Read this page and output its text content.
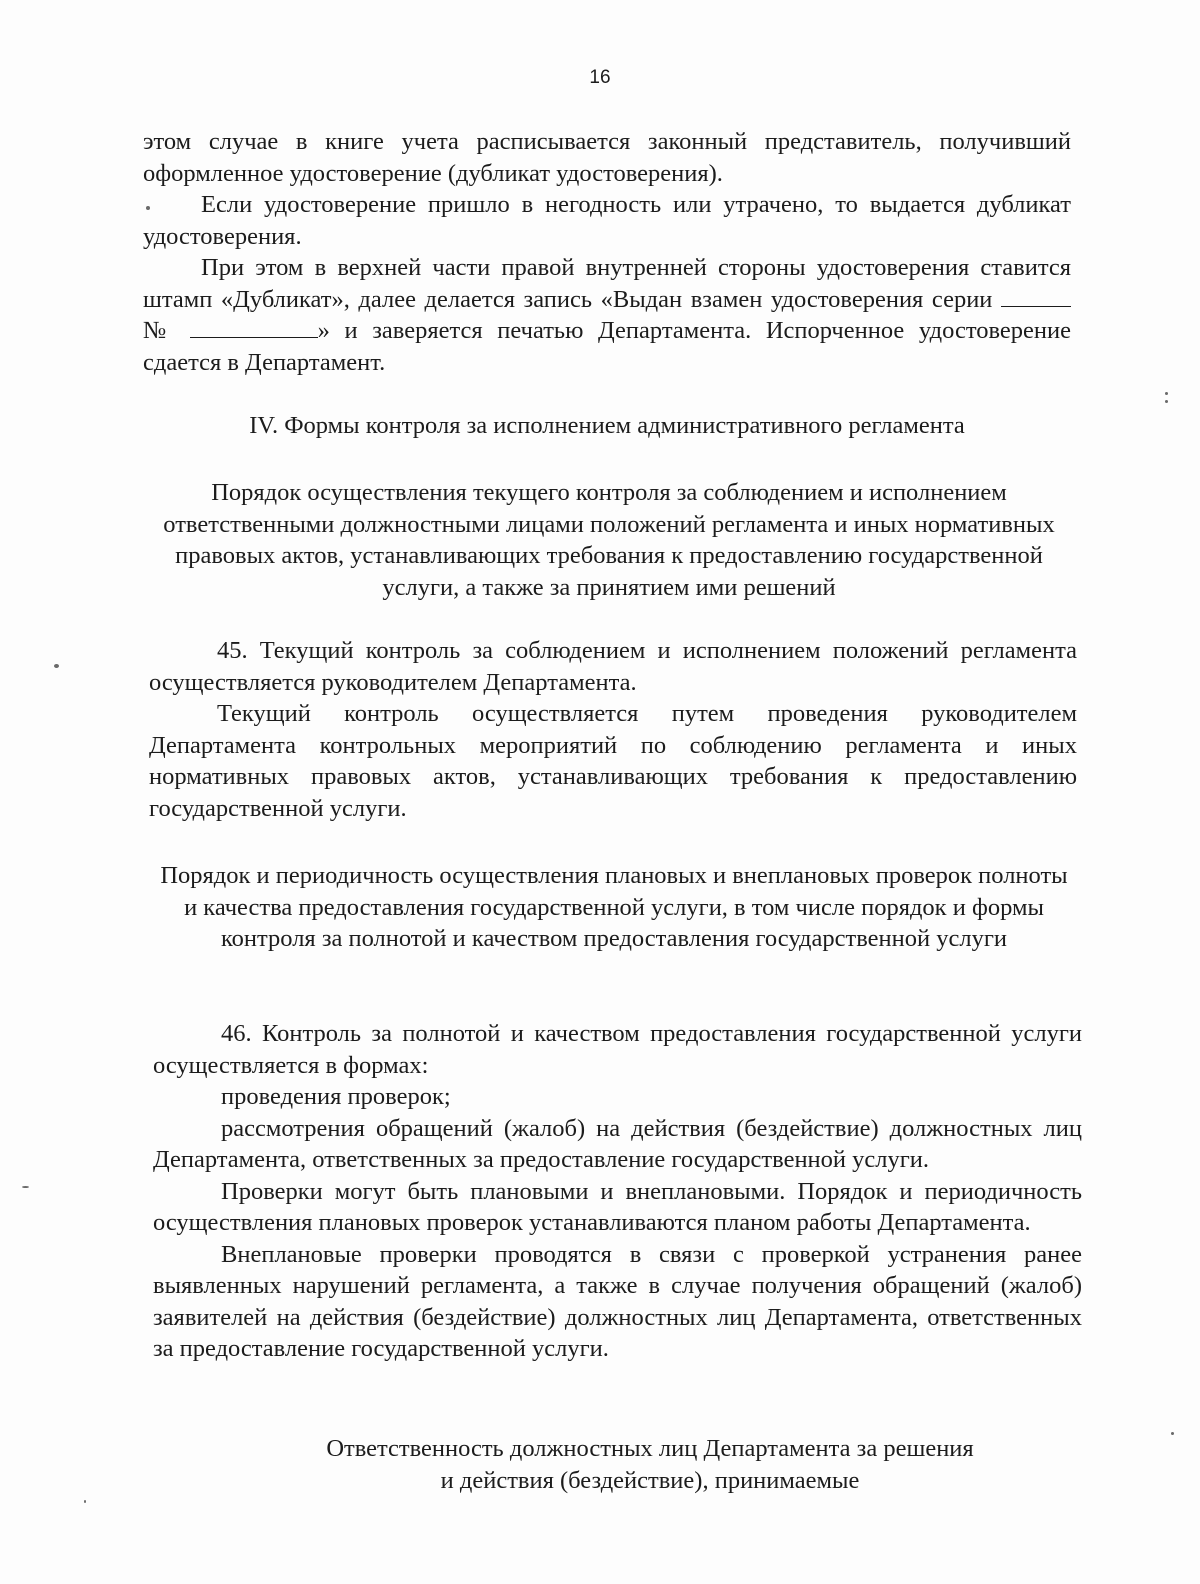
16

этом случае в книге учета расписывается законный представитель, получивший оформленное удостоверение (дубликат удостоверения).

Если удостоверение пришло в негодность или утрачено, то выдается дубликат удостоверения.

При этом в верхней части правой внутренней стороны удостоверения ставится штамп «Дубликат», далее делается запись «Выдан взамен удостоверения серии  №	» и заверяется печатью Департамента. Испорченное удостоверение сдается в Департамент.

IV. Формы контроля за исполнением административного регламента

Порядок осуществления текущего контроля за соблюдением и исполнением ответственными должностными лицами положений регламента и иных нормативных правовых актов, устанавливающих требования к предоставлению государственной услуги, а также за принятием ими решений

45. Текущий контроль за соблюдением и исполнением положений регламента осуществляется руководителем Департамента.

Текущий контроль осуществляется путем проведения руководителем Департамента контрольных мероприятий по соблюдению регламента и иных нормативных правовых актов, устанавливающих требования к предоставлению государственной услуги.

Порядок и периодичность осуществления плановых и внеплановых проверок полноты и качества предоставления государственной услуги, в том числе порядок и формы контроля за полнотой и качеством предоставления государственной услуги

46. Контроль за полнотой и качеством предоставления государственной услуги осуществляется в формах:

проведения проверок;

рассмотрения обращений (жалоб) на действия (бездействие) должностных лиц Департамента, ответственных за предоставление государственной услуги.

Проверки могут быть плановыми и внеплановыми. Порядок и периодичность осуществления плановых проверок устанавливаются планом работы Департамента.

Внеплановые проверки проводятся в связи с проверкой устранения ранее выявленных нарушений регламента, а также в случае получения обращений (жалоб) заявителей на действия (бездействие) должностных лиц Департамента, ответственных за предоставление государственной услуги.

Ответственность должностных лиц Департамента за решения и действия (бездействие), принимаемые
